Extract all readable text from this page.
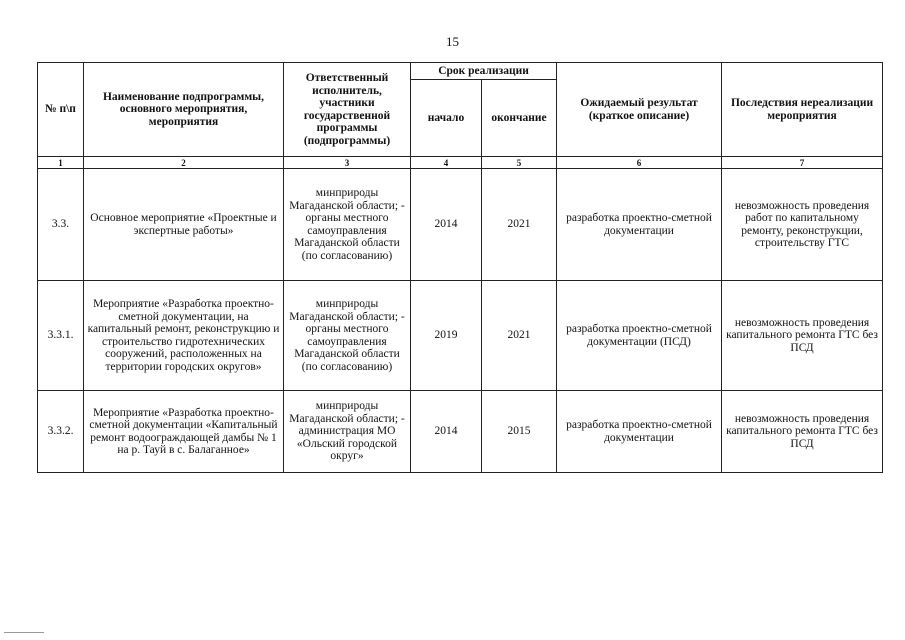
15
№ п\п	Наименование подпрограммы, основного мероприятия, мероприятия	Ответственный исполнитель, участники государственной программы (подпрограммы)	Срок реализации		Ожидаемый результат (краткое описание)	Последствия нереализации мероприятия
			начало	окончание		
1	2	3	4	5	6	7
3.3.	Основное мероприятие «Проектные и экспертные работы»	минприроды Магаданской области; - органы местного самоуправления Магаданской области (по согласованию)	2014	2021	разработка проектно-сметной документации	невозможность проведения работ по капитальному ремонту, реконструкции, строительству ГТС
3.3.1.	Мероприятие «Разработка проектно-сметной документации, на капитальный ремонт, реконструкцию и строительство гидротехнических сооружений, расположенных на территории городских округов»	минприроды Магаданской области; - органы местного самоуправления Магаданской области (по согласованию)	2019	2021	разработка проектно-сметной документации (ПСД)	невозможность проведения капитального ремонта ГТС без ПСД
3.3.2.	Мероприятие «Разработка проектно-сметной документации «Капитальный ремонт водоограждающей дамбы № 1 на р. Тауй в с. Балаганное»	минприроды Магаданской области; - администрация МО «Ольский городской округ»	2014	2015	разработка проектно-сметной документации	невозможность проведения капитального ремонта ГТС без ПСД
